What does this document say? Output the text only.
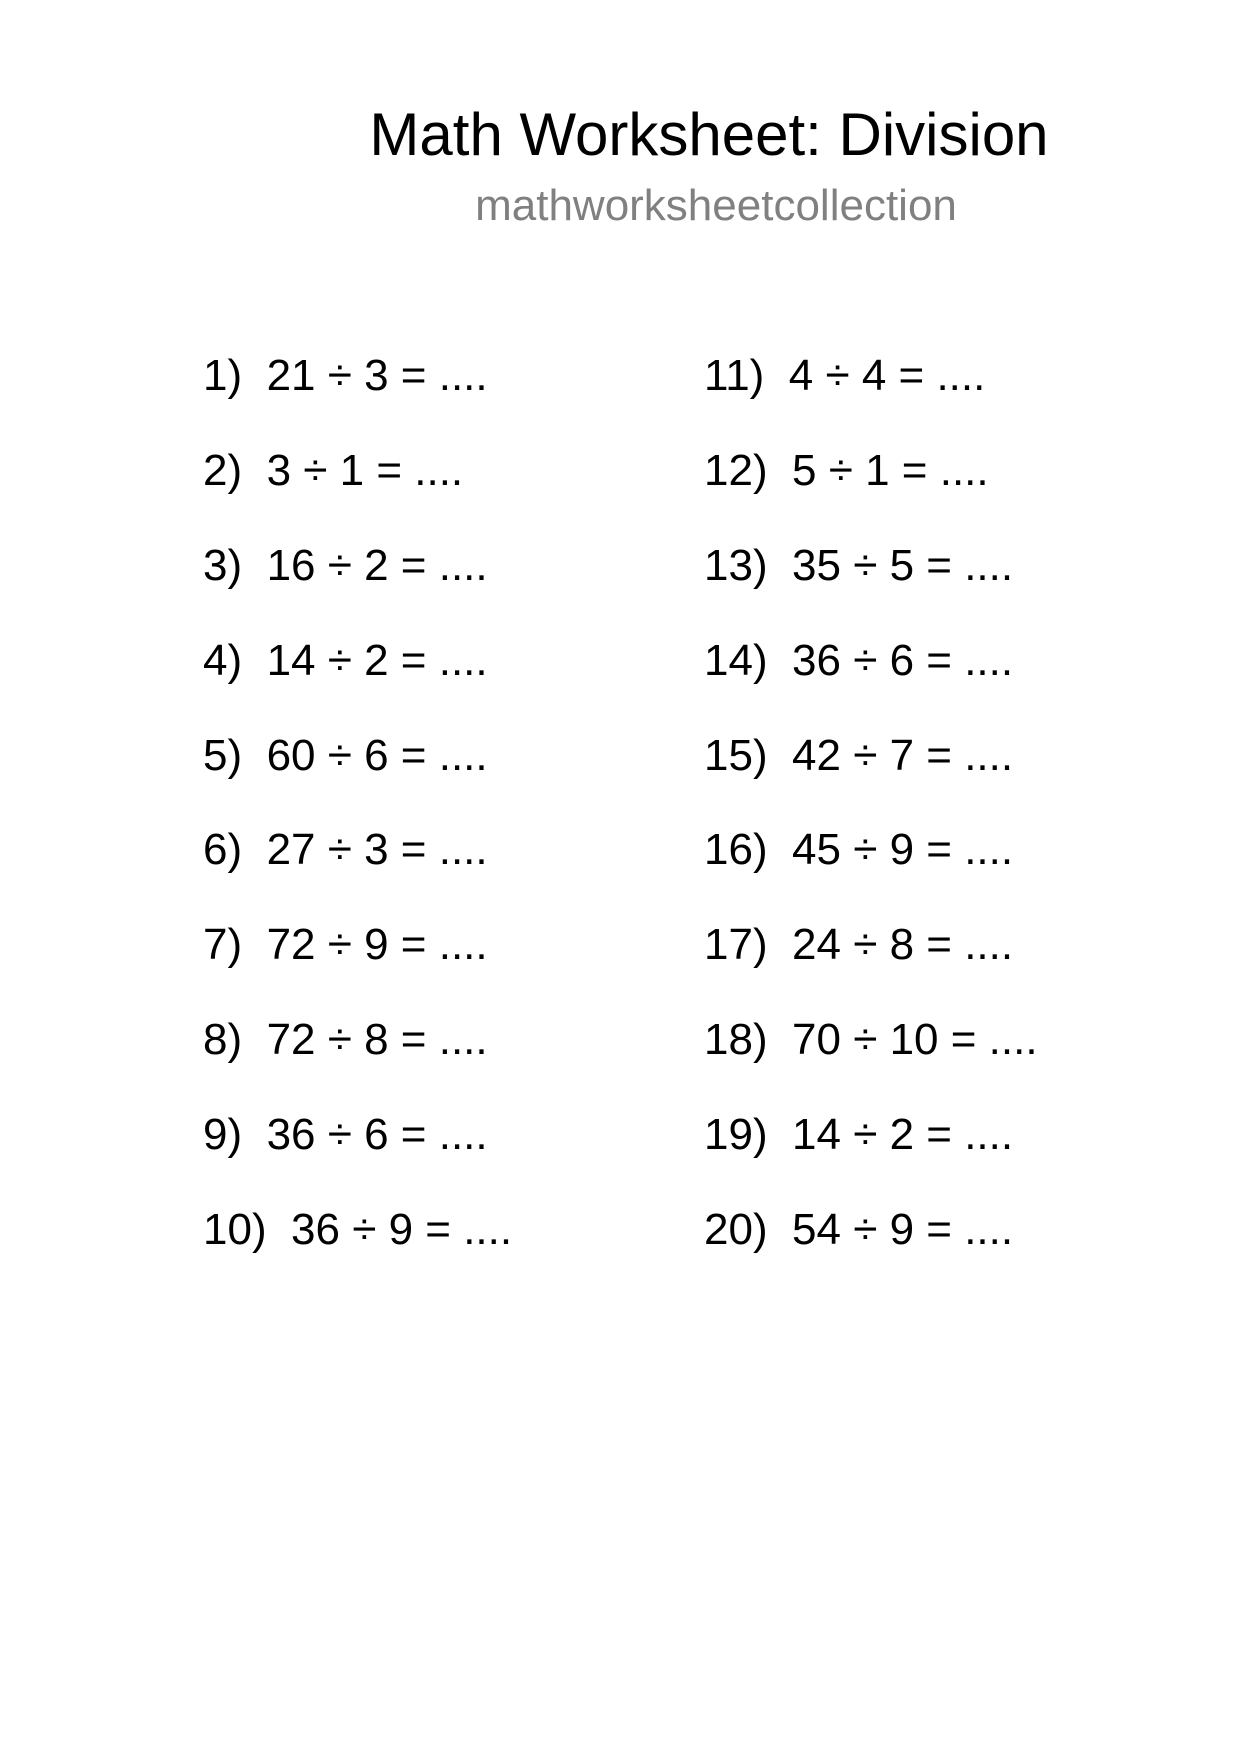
Math Worksheet: Division
mathworksheetcollection
1)  21 ÷ 3 = ....
2)  3 ÷ 1 = ....
3)  16 ÷ 2 = ....
4)  14 ÷ 2 = ....
5)  60 ÷ 6 = ....
6)  27 ÷ 3 = ....
7)  72 ÷ 9 = ....
8)  72 ÷ 8 = ....
9)  36 ÷ 6 = ....
10)  36 ÷ 9 = ....
11)  4 ÷ 4 = ....
12)  5 ÷ 1 = ....
13)  35 ÷ 5 = ....
14)  36 ÷ 6 = ....
15)  42 ÷ 7 = ....
16)  45 ÷ 9 = ....
17)  24 ÷ 8 = ....
18)  70 ÷ 10 = ....
19)  14 ÷ 2 = ....
20)  54 ÷ 9 = ....
